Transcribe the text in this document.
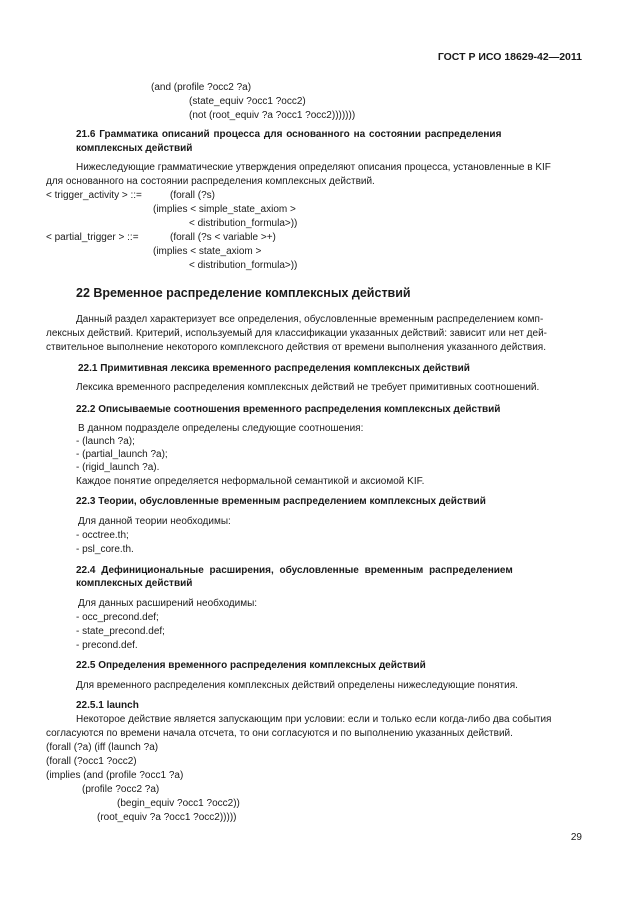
ГОСТ Р ИСО 18629-42—2011
(and (profile ?occ2 ?a)
(state_equiv ?occ1 ?occ2)
(not (root_equiv ?a ?occ1 ?occ2)))))))
21.6 Грамматика описаний процесса для основанного на состоянии распределения
комплексных действий
Нижеследующие грамматические утверждения определяют описания процесса, установленные в KIF
для основанного на состоянии распределения комплексных действий.
< trigger_activity > ::=	(forall (?s)
(implies < simple_state_axiom >
< distribution_formula>))
< partial_trigger > ::=	(forall (?s < variable >+)
(implies < state_axiom >
< distribution_formula>))
22 Временное распределение комплексных действий
Данный раздел характеризует все определения, обусловленные временным распределением комп-
лексных действий. Критерий, используемый для классификации указанных действий: зависит или нет дей-
ствительное выполнение некоторого комплексного действия от времени выполнения указанного действия.
22.1 Примитивная лексика временного распределения комплексных действий
Лексика временного распределения комплексных действий не требует примитивных соотношений.
22.2 Описываемые соотношения временного распределения комплексных действий
В данном подразделе определены следующие соотношения:
- (launch ?a);
- (partial_launch ?a);
- (rigid_launch ?a).
Каждое понятие определяется неформальной семантикой и аксиомой KIF.
22.3 Теории, обусловленные временным распределением комплексных действий
Для данной теории необходимы:
- occtree.th;
- psl_core.th.
22.4 Дефинициональные расширения, обусловленные временным распределением
комплексных действий
Для данных расширений необходимы:
- occ_precond.def;
- state_precond.def;
- precond.def.
22.5 Определения временного распределения комплексных действий
Для временного распределения комплексных действий определены нижеследующие понятия.
22.5.1 launch
Некоторое действие является запускающим при условии: если и только если когда-либо два события
согласуются по времени начала отсчета, то они согласуются и по выполнению указанных действий.
(forall (?a) (iff (launch ?a)
(forall (?occ1 ?occ2)
(implies (and (profile ?occ1 ?a)
(profile ?occ2 ?a)
(begin_equiv ?occ1 ?occ2))
(root_equiv ?a ?occ1 ?occ2)))))
29
